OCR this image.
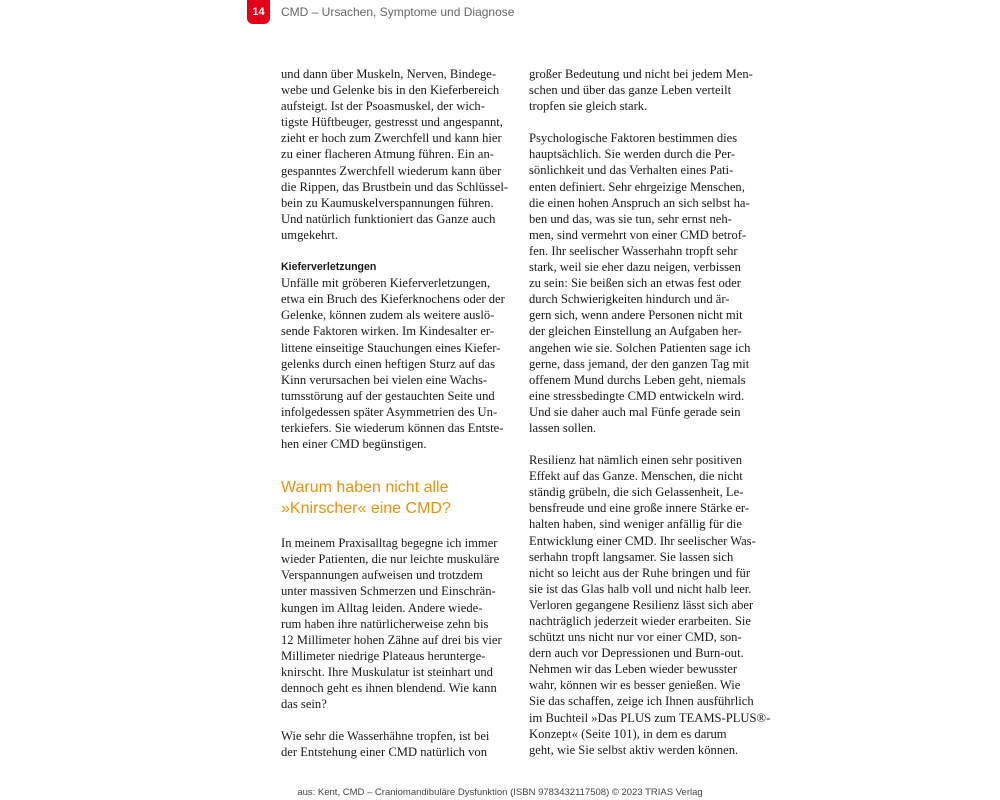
14	CMD – Ursachen, Symptome und Diagnose

und dann über Muskeln, Nerven, Bindege-

webe und Gelenke bis in den Kieferbereich

aufsteigt. Ist der Psoasmuskel, der wich-

tigste Hüftbeuger, gestresst und angespannt,

zieht er hoch zum Zwerchfell und kann hier

zu einer flacheren Atmung führen. Ein an-

gespanntes Zwerchfell wiederum kann über

die Rippen, das Brustbein und das Schlüssel-

bein zu Kaumuskelverspannungen führen.

Und natürlich funktioniert das Ganze auch

umgekehrt.

Kieferverletzungen

Unfälle mit gröberen Kieferverletzungen,

etwa ein Bruch des Kieferknochens oder der

Gelenke, können zudem als weitere auslö-

sende Faktoren wirken. Im Kindesalter er-

littene einseitige Stauchungen eines Kiefer-

gelenks durch einen heftigen Sturz auf das

Kinn verursachen bei vielen eine Wachs-

tumsstörung auf der gestauchten Seite und

infolgedessen später Asymmetrien des Un-

terkiefers. Sie wiederum können das Entste-

hen einer CMD begünstigen.

Warum haben nicht alle

»Knirscher« eine CMD?

In meinem Praxisalltag begegne ich immer

wieder Patienten, die nur leichte muskuläre

Verspannungen aufweisen und trotzdem

unter massiven Schmerzen und Einschrän-

kungen im Alltag leiden. Andere wiede-

rum haben ihre natürlicherweise zehn bis

12 Millimeter hohen Zähne auf drei bis vier

Millimeter niedrige Plateaus herunterge-

knirscht. Ihre Muskulatur ist steinhart und

dennoch geht es ihnen blendend. Wie kann

das sein?

Wie sehr die Wasserhähne tropfen, ist bei

der Entstehung einer CMD natürlich von

großer Bedeutung und nicht bei jedem Men-

schen und über das ganze Leben verteilt

tropfen sie gleich stark.

Psychologische Faktoren bestimmen dies

hauptsächlich. Sie werden durch die Per-

sönlichkeit und das Verhalten eines Pati-

enten definiert. Sehr ehrgeizige Menschen,

die einen hohen Anspruch an sich selbst ha-

ben und das, was sie tun, sehr ernst neh-

men, sind vermehrt von einer CMD betrof-

fen. Ihr seelischer Wasserhahn tropft sehr

stark, weil sie eher dazu neigen, verbissen

zu sein: Sie beißen sich an etwas fest oder

durch Schwierigkeiten hindurch und är-

gern sich, wenn andere Personen nicht mit

der gleichen Einstellung an Aufgaben her-

angehen wie sie. Solchen Patienten sage ich

gerne, dass jemand, der den ganzen Tag mit

offenem Mund durchs Leben geht, niemals

eine stressbedingte CMD entwickeln wird.

Und sie daher auch mal Fünfe gerade sein

lassen sollen.

Resilienz hat nämlich einen sehr positiven

Effekt auf das Ganze. Menschen, die nicht

ständig grübeln, die sich Gelassenheit, Le-

bensfreude und eine große innere Stärke er-

halten haben, sind weniger anfällig für die

Entwicklung einer CMD. Ihr seelischer Was-

serhahn tropft langsamer. Sie lassen sich

nicht so leicht aus der Ruhe bringen und für

sie ist das Glas halb voll und nicht halb leer.

Verloren gegangene Resilienz lässt sich aber

nachträglich jederzeit wieder erarbeiten. Sie

schützt uns nicht nur vor einer CMD, son-

dern auch vor Depressionen und Burn-out.

Nehmen wir das Leben wieder bewusster

wahr, können wir es besser genießen. Wie

Sie das schaffen, zeige ich Ihnen ausführlich

im Buchteil »Das PLUS zum TEAMS-PLUS®-

Konzept« (Seite 101), in dem es darum

geht, wie Sie selbst aktiv werden können.

aus: Kent, CMD – Craniomandibuläre Dysfunktion (ISBN 9783432117508) © 2023 TRIAS Verlag
